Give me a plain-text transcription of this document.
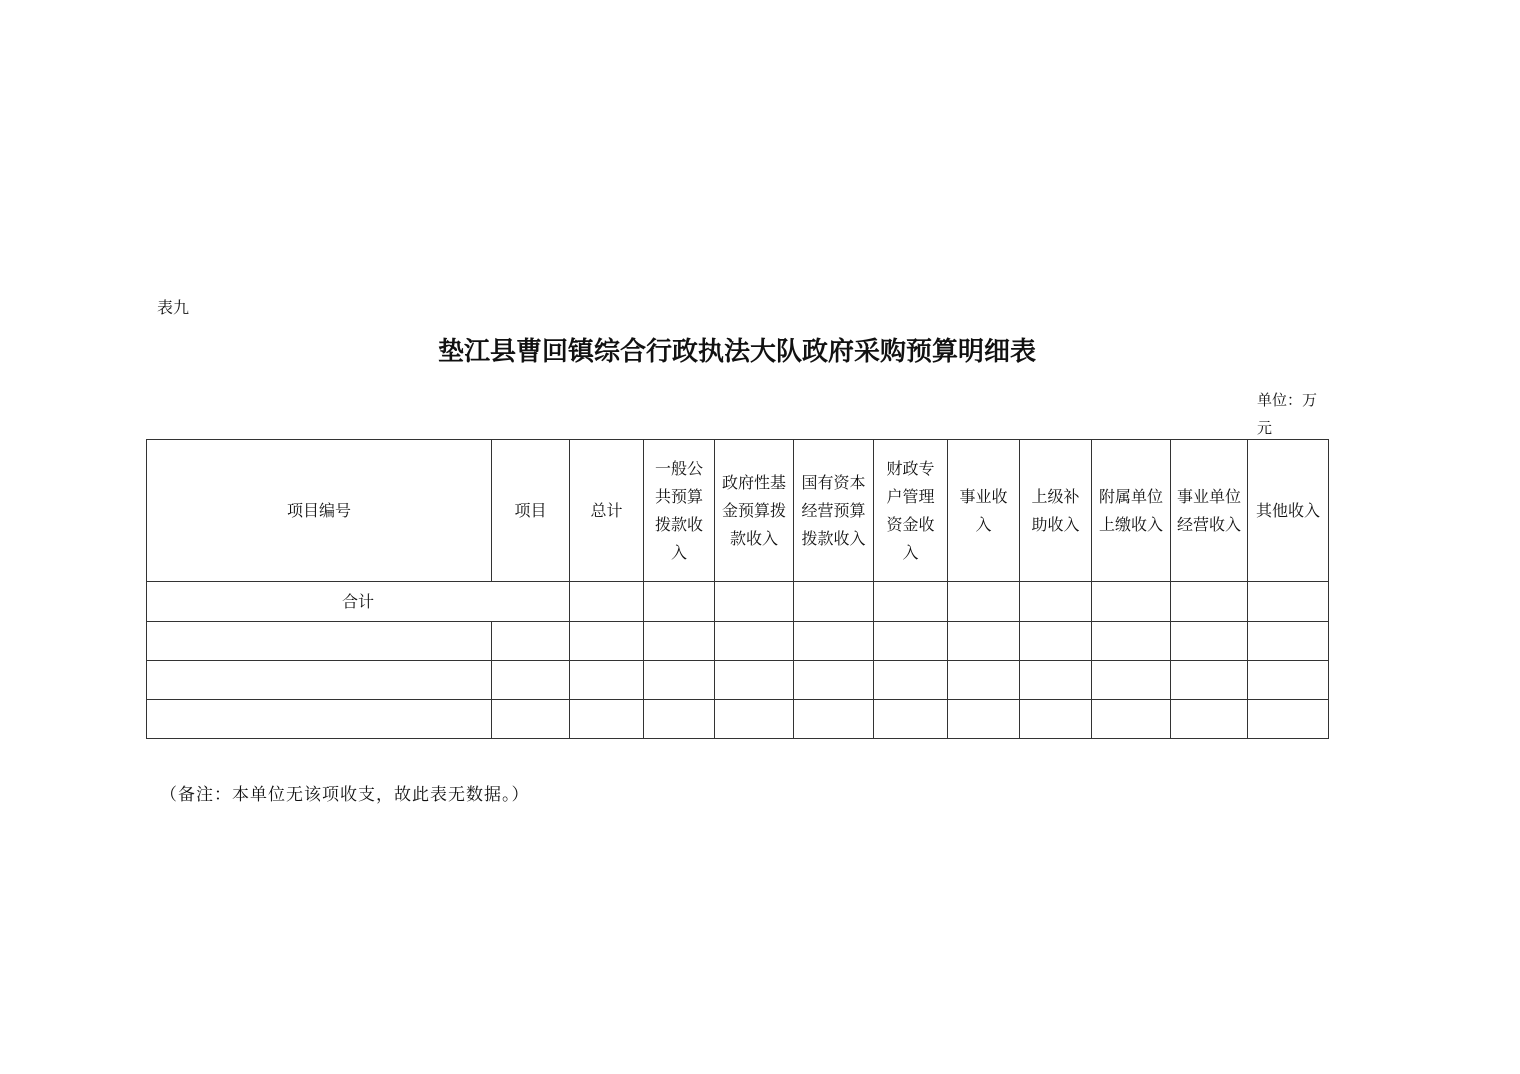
表九
垫江县曹回镇综合行政执法大队政府采购预算明细表
单位：万元
项目编号	项目	总计	一般公共预算拨款收入	政府性基金预算拨款收入	国有资本经营预算拨款收入	财政专户管理资金收入	事业收入	上级补助收入	附属单位上缴收入	事业单位经营收入	其他收入
合计											

（备注：本单位无该项收支，故此表无数据。）
